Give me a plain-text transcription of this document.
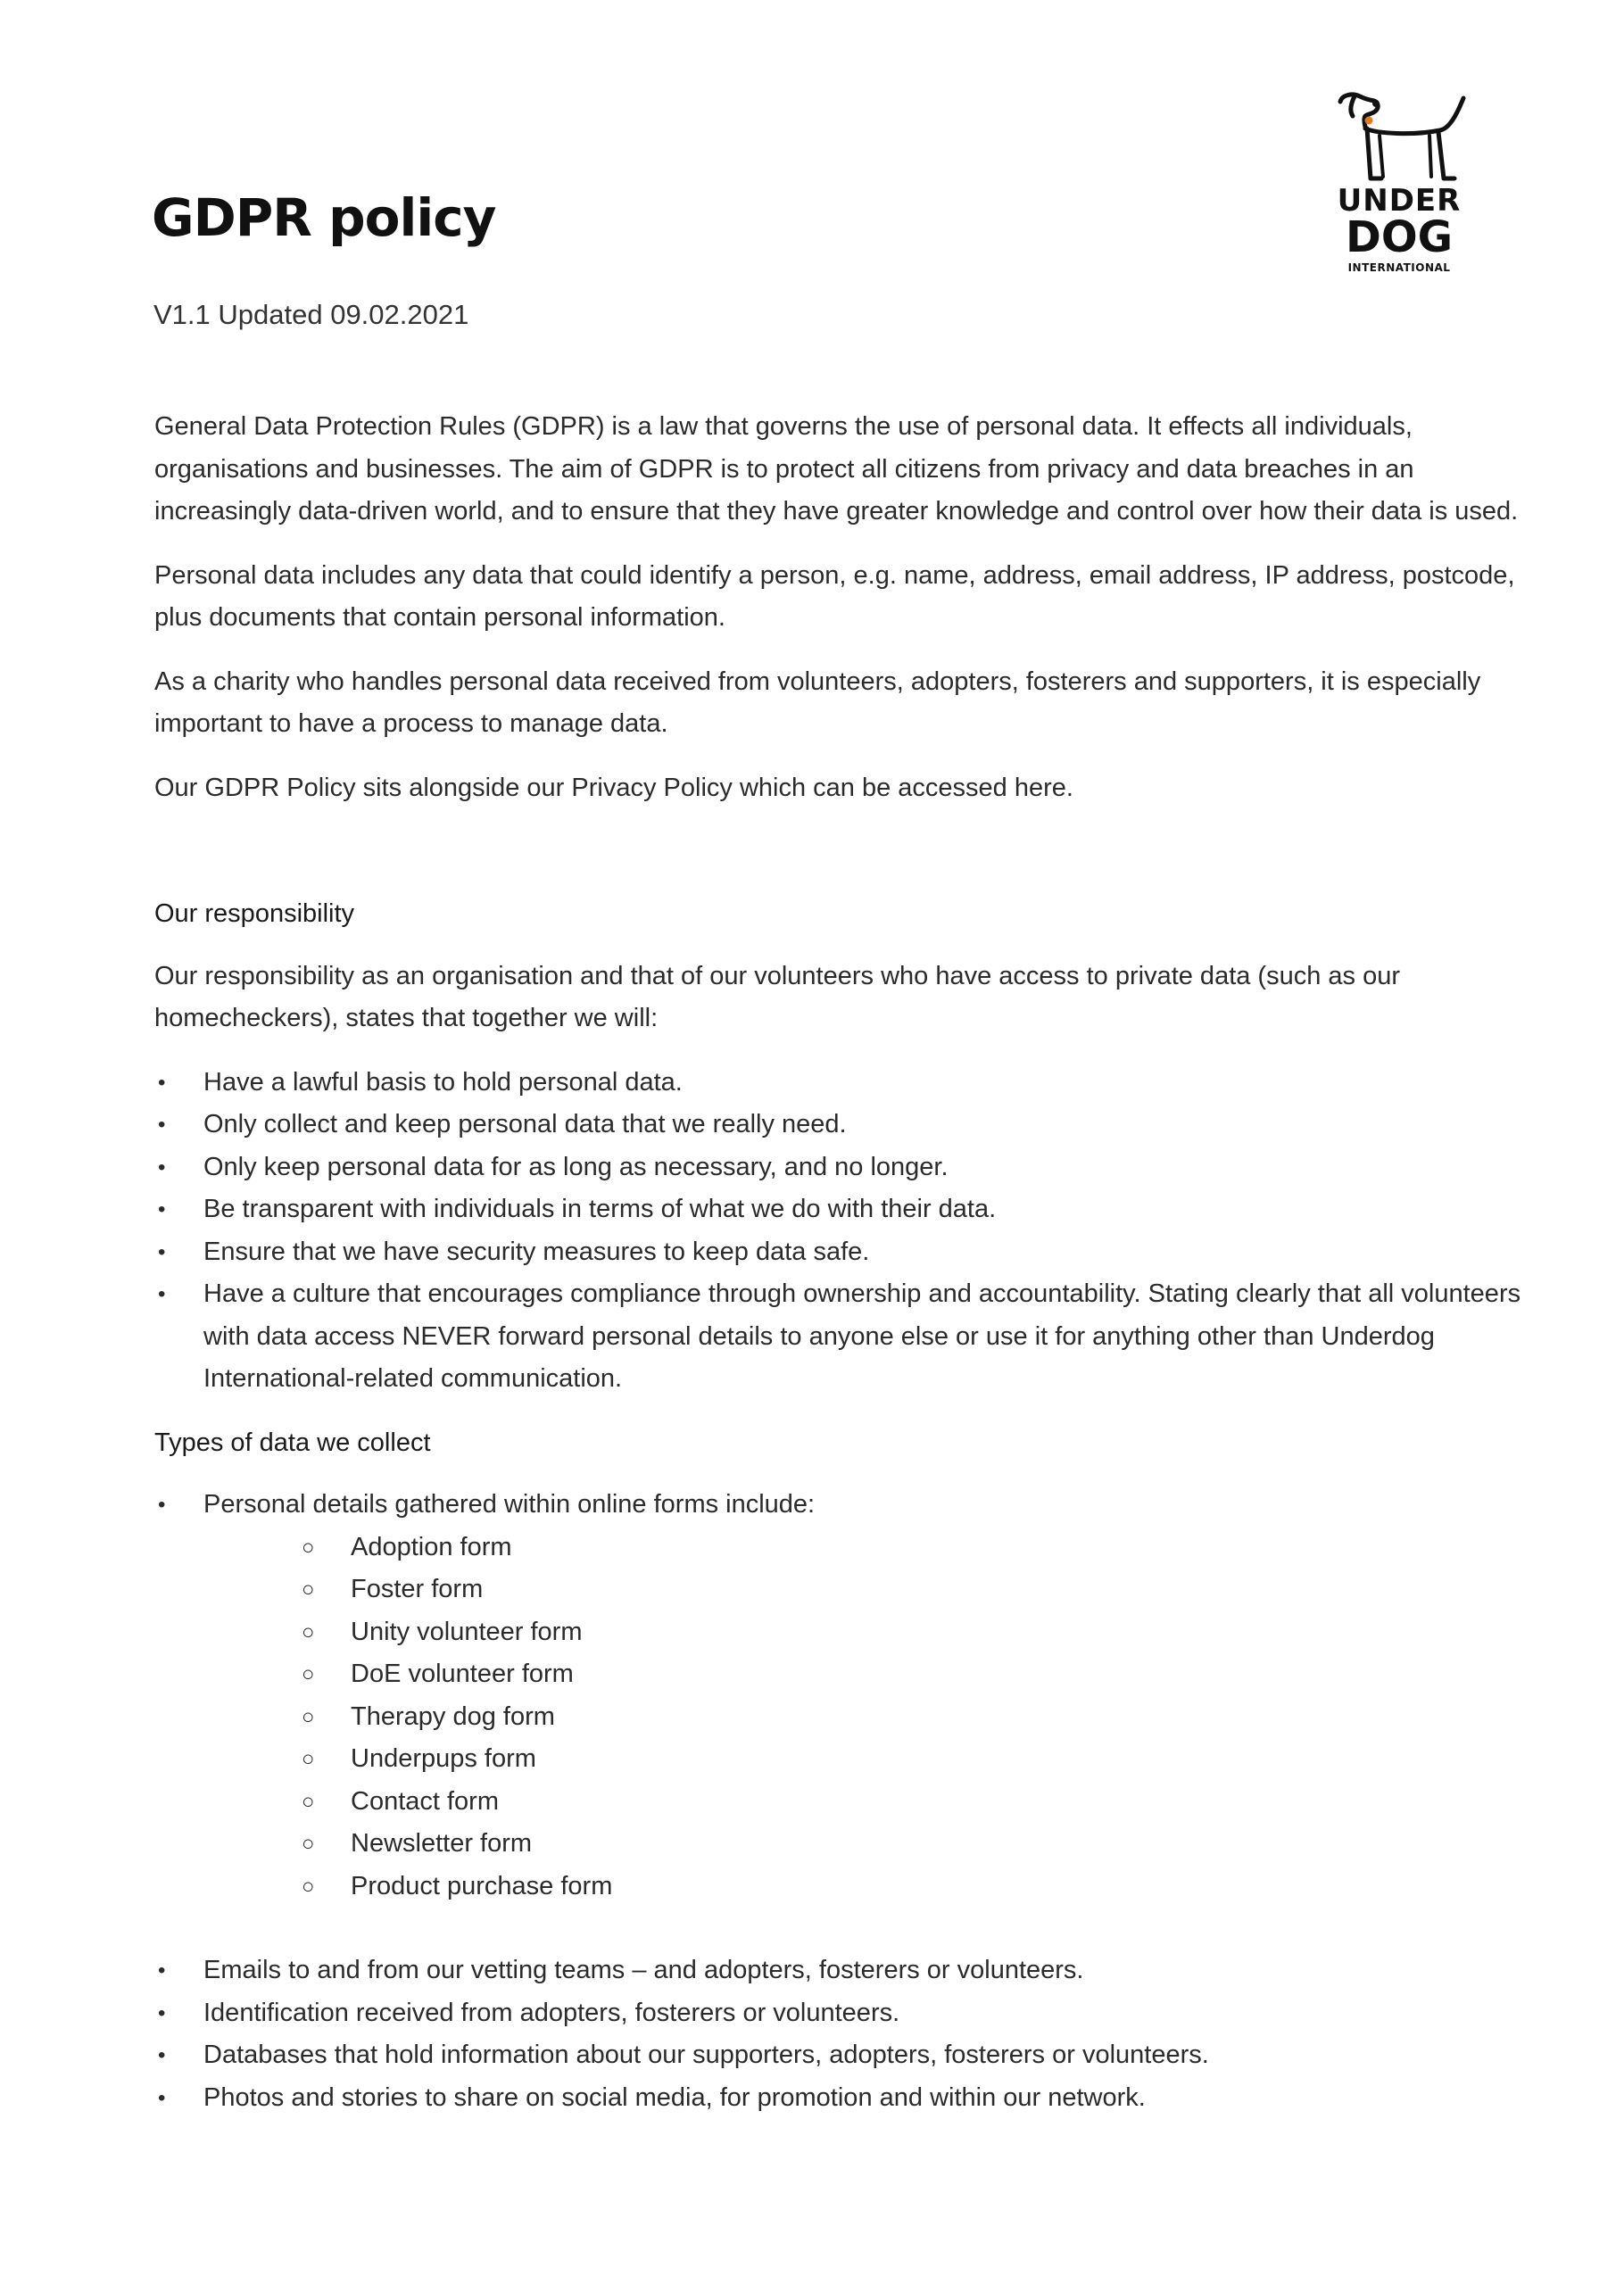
GDPR policy
V1.1 Updated 09.02.2021
UNDER
DOG
INTERNATIONAL

General Data Protection Rules (GDPR) is a law that governs the use of personal data. It effects all individuals, organisations and businesses. The aim of GDPR is to protect all citizens from privacy and data breaches in an increasingly data-driven world, and to ensure that they have greater knowledge and control over how their data is used.

Personal data includes any data that could identify a person, e.g. name, address, email address, IP address, postcode, plus documents that contain personal information.

As a charity who handles personal data received from volunteers, adopters, fosterers and supporters, it is especially important to have a process to manage data.

Our GDPR Policy sits alongside our Privacy Policy which can be accessed here.

Our responsibility

Our responsibility as an organisation and that of our volunteers who have access to private data (such as our homecheckers), states that together we will:

• Have a lawful basis to hold personal data.
• Only collect and keep personal data that we really need.
• Only keep personal data for as long as necessary, and no longer.
• Be transparent with individuals in terms of what we do with their data.
• Ensure that we have security measures to keep data safe.
• Have a culture that encourages compliance through ownership and accountability. Stating clearly that all volunteers with data access NEVER forward personal details to anyone else or use it for anything other than Underdog International-related communication.
Types of data we collect
• Personal details gathered within online forms include:
○ Adoption form
○ Foster form
○ Unity volunteer form
○ DoE volunteer form
○ Therapy dog form
○ Underpups form
○ Contact form
○ Newsletter form
○ Product purchase form
• Emails to and from our vetting teams – and adopters, fosterers or volunteers.
• Identification received from adopters, fosterers or volunteers.
• Databases that hold information about our supporters, adopters, fosterers or volunteers.
• Photos and stories to share on social media, for promotion and within our network.
